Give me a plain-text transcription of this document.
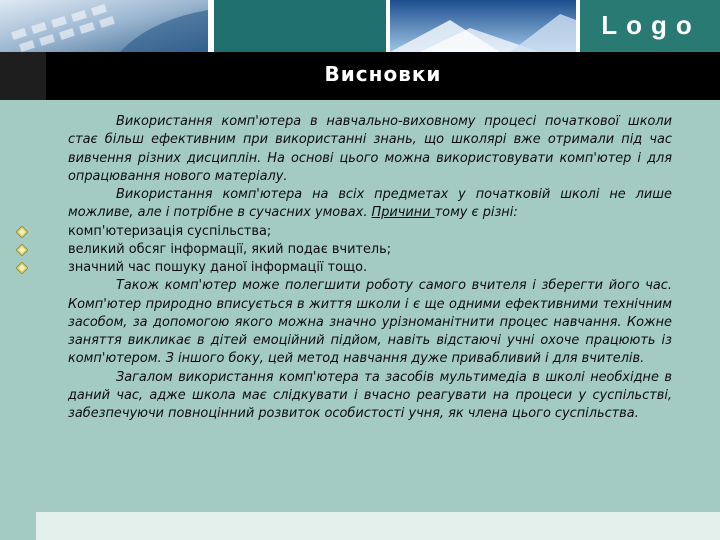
Logo
Висновки

Використання комп'ютера в навчально-виховному процесі початкової школи стає більш ефективним при використанні знань, що школярі вже отримали під час вивчення різних дисциплін. На основі цього можна використовувати комп'ютер і для опрацювання нового матеріалу.

Використання комп'ютера на всіх предметах у початковій школі не лише можливе, але і потрібне в сучасних умовах. Причини тому є різні:

комп'ютеризація суспільства;
великий обсяг інформації, який подає вчитель;
значний час пошуку даної інформації тощо.

Також комп'ютер може полегшити роботу самого вчителя і зберегти його час. Комп'ютер природно вписується в життя школи і є ще одними ефективними технічним засобом, за допомогою якого можна значно урізноманітнити процес навчання. Кожне заняття викликає в дітей емоційний підйом, навіть відстаючі учні охоче працюють із комп'ютером. З іншого боку, цей метод навчання дуже привабливий і для вчителів.

Загалом використання комп'ютера та засобів мультимедіа в школі необхідне в даний час, адже школа має слідкувати і вчасно реагувати на процеси у суспільстві, забезпечуючи повноцінний розвиток особистості учня, як члена цього суспільства.
